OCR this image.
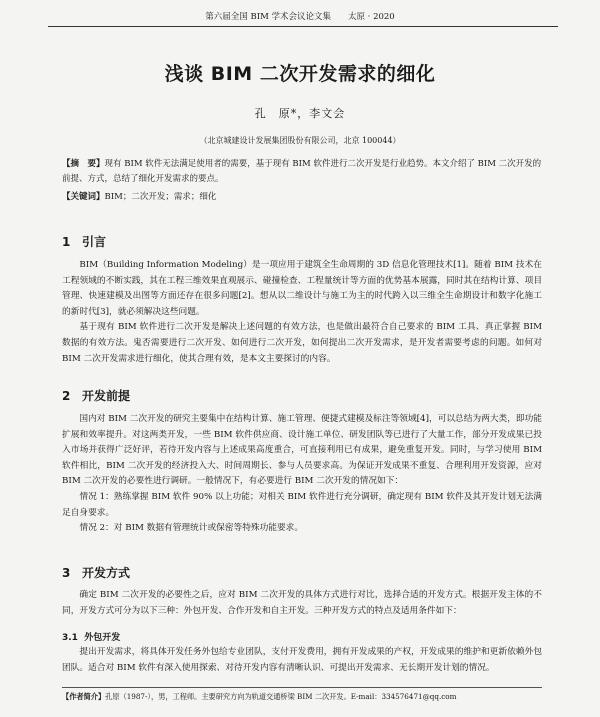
第六届全国 BIM 学术会议论文集　　太原 · 2020
浅谈 BIM 二次开发需求的细化
孔　原*，李文会
（北京城建设计发展集团股份有限公司，北京 100044）
【摘　要】现有 BIM 软件无法满足使用者的需要，基于现有 BIM 软件进行二次开发是行业趋势。本文介绍了 BIM 二次开发的前提、方式，总结了细化开发需求的要点。
【关键词】BIM；二次开发；需求；细化
1 引言

BIM（Building Information Modeling）是一项应用于建筑全生命周期的 3D 信息化管理技术[1]。随着 BIM 技术在工程领域的不断实践，其在工程三维效果直观展示、碰撞检查、工程量统计等方面的优势基本展露，同时其在结构计算、项目管理、快速建模及出图等方面还存在很多问题[2]。想从以二维设计与施工为主的时代跨入以三维全生命期设计和数字化施工的新时代[3]，就必须解决这些问题。

基于现有 BIM 软件进行二次开发是解决上述问题的有效方法，也是做出最符合自己要求的 BIM 工具、真正掌握 BIM 数据的有效方法。鬼否需要进行二次开发、如何进行二次开发，如何提出二次开发需求，是开发者需要考虑的问题。如何对 BIM 二次开发需求进行细化，使其合理有效，是本文主要探讨的内容。

2 开发前提

国内对 BIM 二次开发的研究主要集中在结构计算、施工管理、便捷式建模及标注等领域[4]，可以总结为两大类，即功能扩展和效率提升。对这两类开发，一些 BIM 软件供应商、设计施工单位、研发团队等已进行了大量工作，部分开发成果已投入市场并获得广泛好评，若待开发内容与上述成果高度重合，可直接利用已有成果，避免重复开发。同时，与学习使用 BIM 软件相比，BIM 二次开发的经济投入大、时间周期长、参与人员要求高。为保证开发成果不重复、合理利用开发资源，应对 BIM 二次开发的必要性进行调研。一般情况下，有必要进行 BIM 二次开发的情况如下：

情况 1：熟练掌握 BIM 软件 90% 以上功能；对相关 BIM 软件进行充分调研，确定现有 BIM 软件及其开发计划无法满足自身要求。

情况 2：对 BIM 数据有管理统计或保密等特殊功能要求。

3 开发方式

确定 BIM 二次开发的必要性之后，应对 BIM 二次开发的具体方式进行对比，选择合适的开发方式。根据开发主体的不同，开发方式可分为以下三种：外包开发、合作开发和自主开发。三种开发方式的特点及适用条件如下：

3.1 外包开发

提出开发需求，将具体开发任务外包给专业团队，支付开发费用，拥有开发成果的产权，开发成果的维护和更新依赖外包团队。适合对 BIM 软件有深入使用探索、对待开发内容有清晰认识、可提出开发需求、无长期开发计划的情况。

【作者简介】孔原（1987-），男，工程师。主要研究方向为轨道交通桥梁 BIM 二次开发。E-mail：334576471@qq.com
